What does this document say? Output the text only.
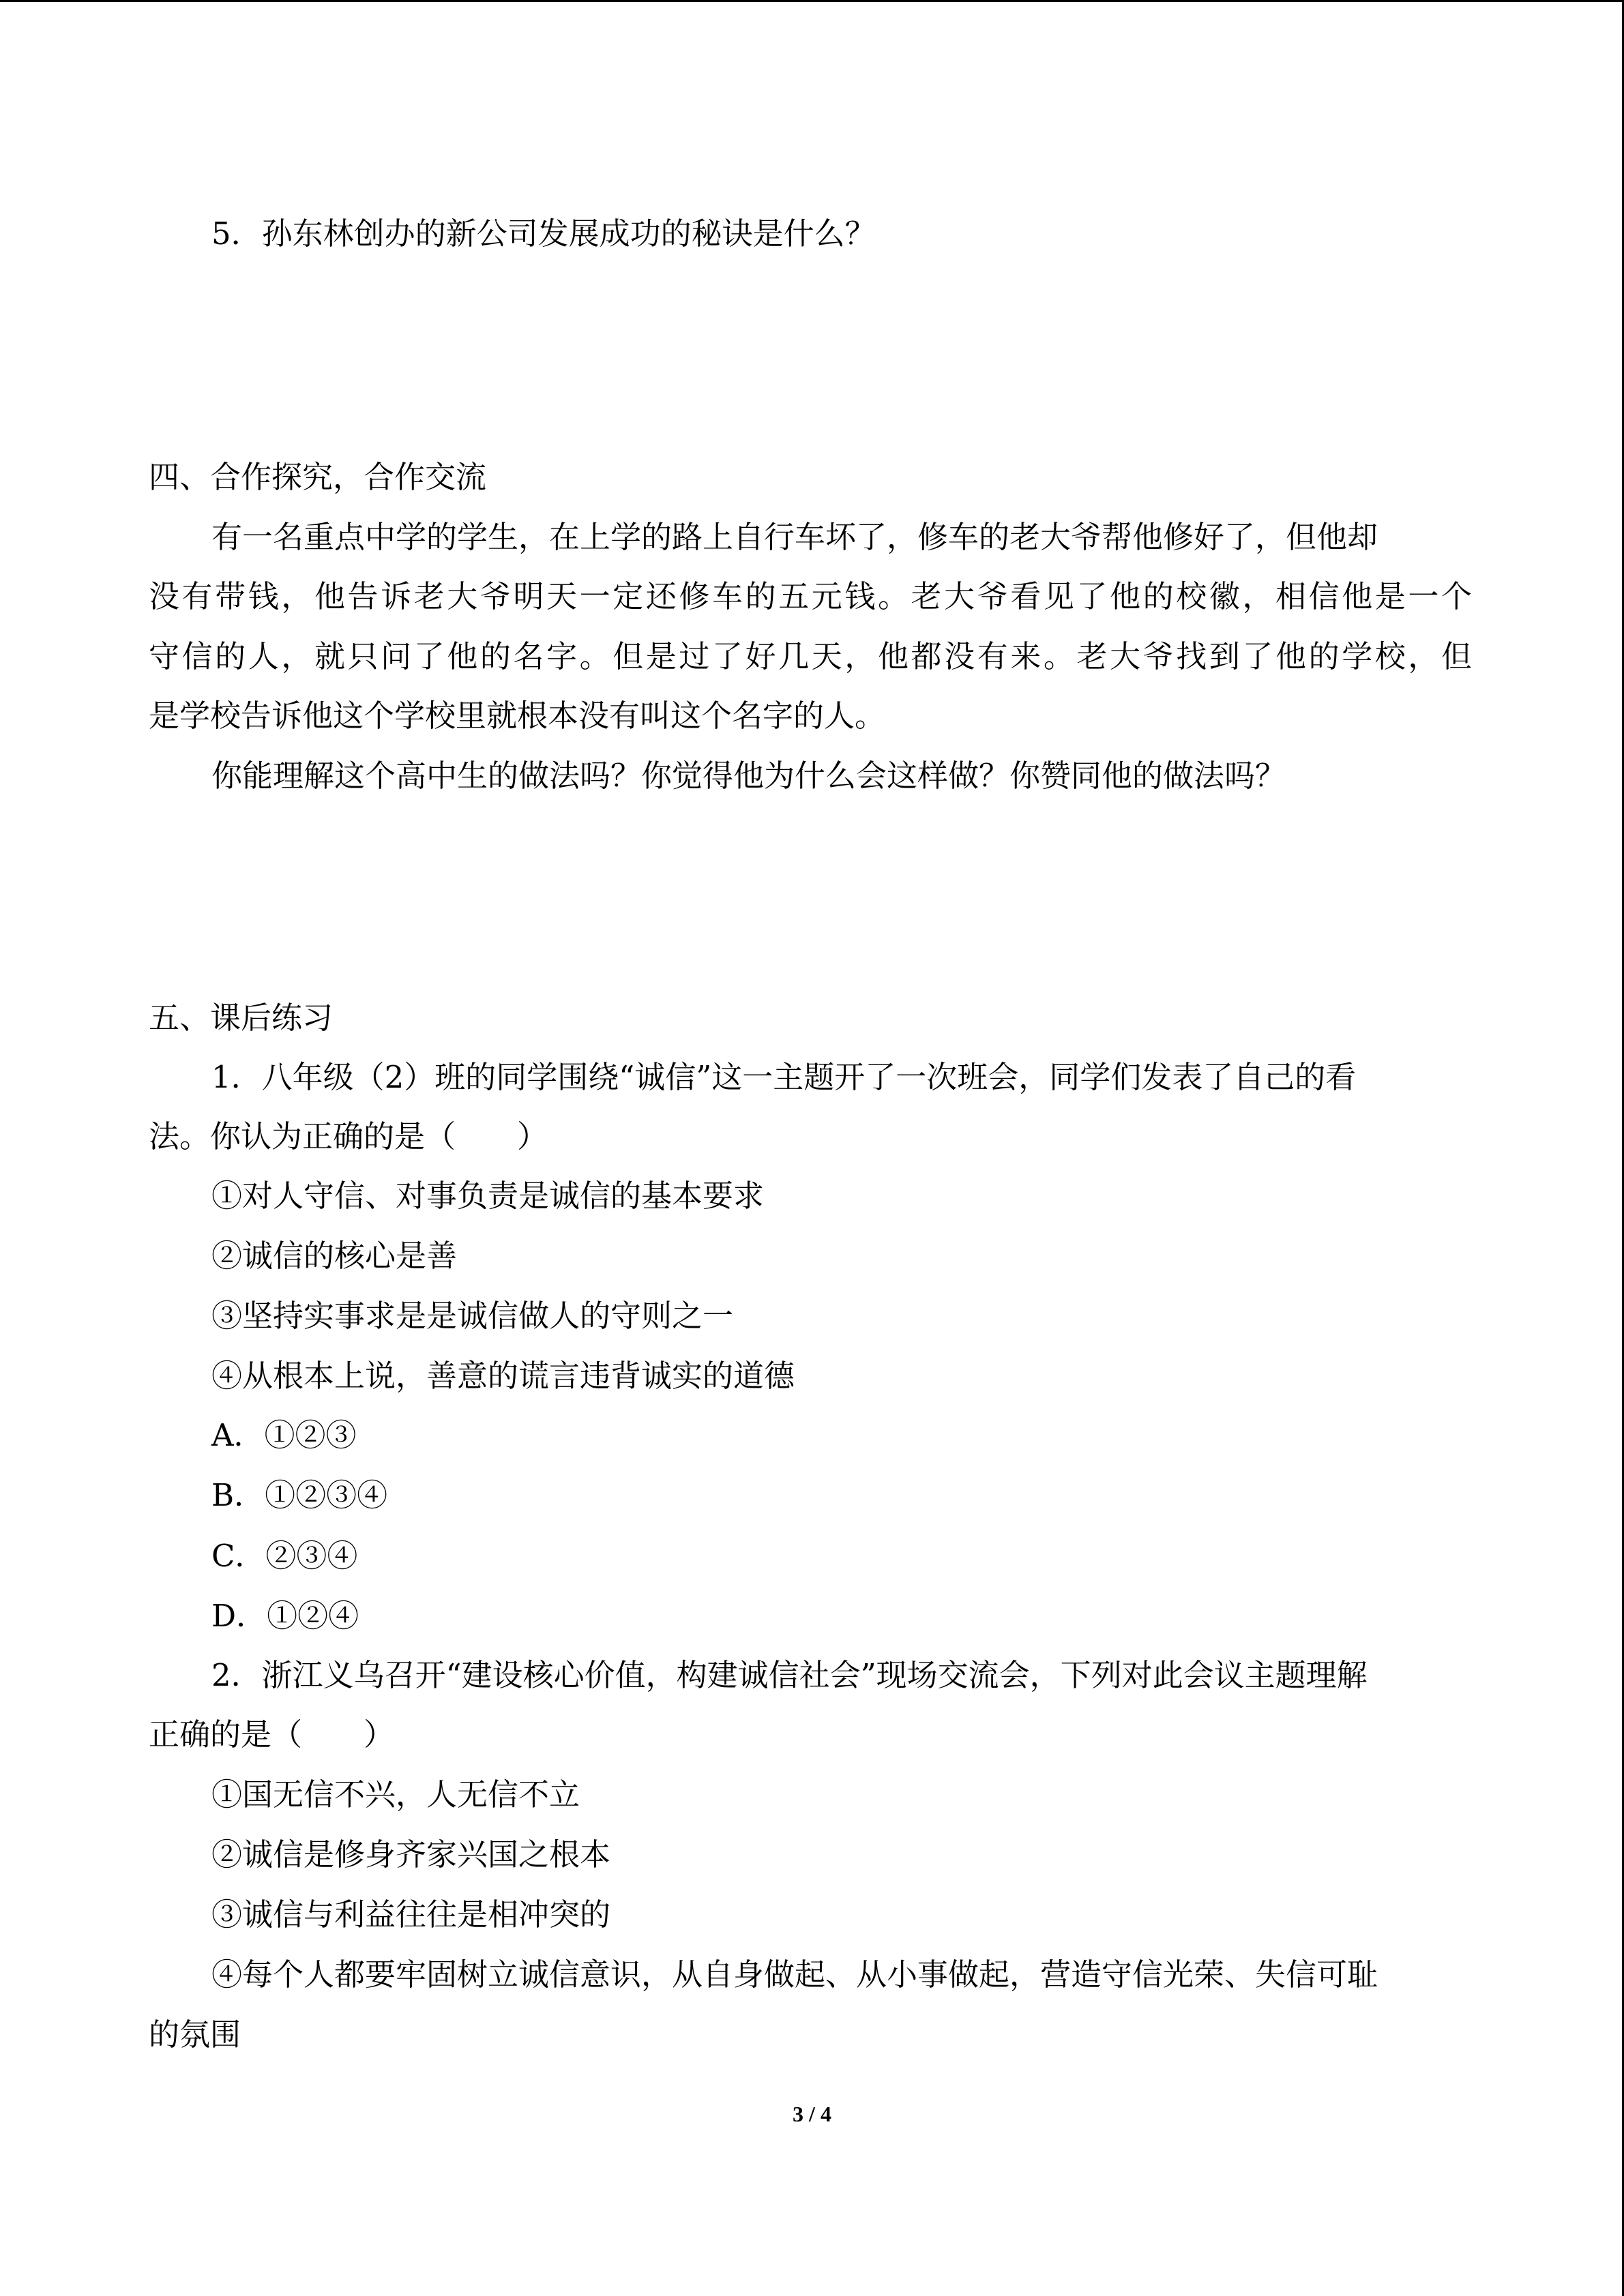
5．孙东林创办的新公司发展成功的秘诀是什么？

四、合作探究，合作交流

有一名重点中学的学生，在上学的路上自行车坏了，修车的老大爷帮他修好了，但他却

没有带钱，他告诉老大爷明天一定还修车的五元钱。老大爷看见了他的校徽，相信他是一个

守信的人，就只问了他的名字。但是过了好几天，他都没有来。老大爷找到了他的学校，但

是学校告诉他这个学校里就根本没有叫这个名字的人。

你能理解这个高中生的做法吗？你觉得他为什么会这样做？你赞同他的做法吗？

五、课后练习

1．八年级（2）班的同学围绕“诚信”这一主题开了一次班会，同学们发表了自己的看

法。你认为正确的是（　　）

①对人守信、对事负责是诚信的基本要求

②诚信的核心是善

③坚持实事求是是诚信做人的守则之一

④从根本上说，善意的谎言违背诚实的道德

A．①②③

B．①②③④

C．②③④

D．①②④

2．浙江义乌召开“建设核心价值，构建诚信社会”现场交流会，下列对此会议主题理解

正确的是（　　）

①国无信不兴，人无信不立

②诚信是修身齐家兴国之根本

③诚信与利益往往是相冲突的

④每个人都要牢固树立诚信意识，从自身做起、从小事做起，营造守信光荣、失信可耻

的氛围

3 / 4
